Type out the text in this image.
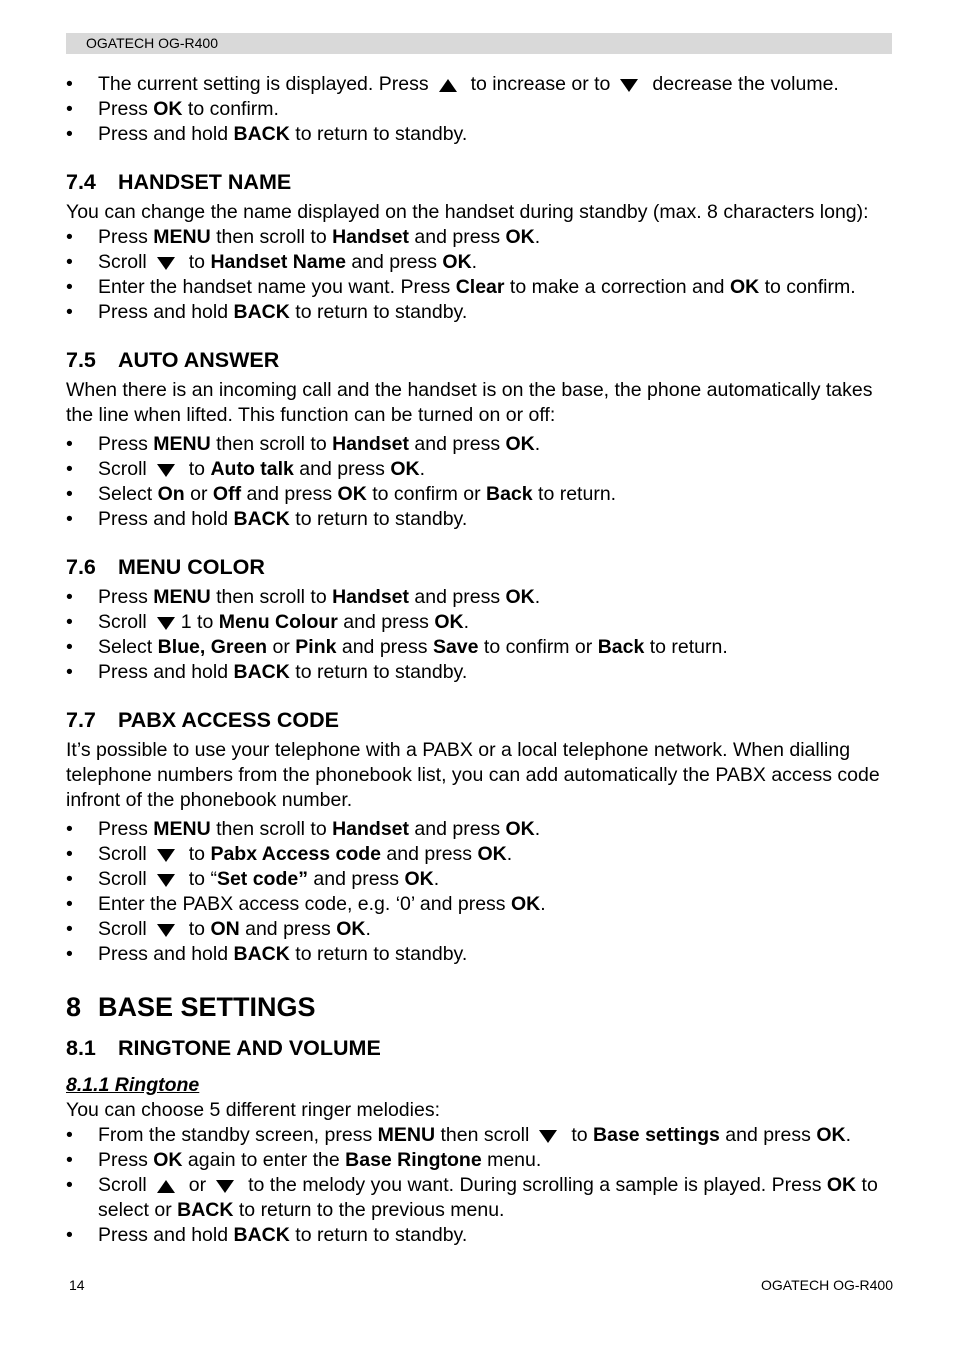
OGATECH OG-R400
• The current setting is displayed. Press to increase or to decrease the volume.
• Press OK to confirm.
• Press and hold BACK to return to standby.
7.4 HANDSET NAME
You can change the name displayed on the handset during standby (max. 8 characters long):
• Press MENU then scroll to Handset and press OK.
• Scroll to Handset Name and press OK.
• Enter the handset name you want. Press Clear to make a correction and OK to confirm.
• Press and hold BACK to return to standby.
7.5 AUTO ANSWER
When there is an incoming call and the handset is on the base, the phone automatically takes the line when lifted. This function can be turned on or off:
• Press MENU then scroll to Handset and press OK.
• Scroll to Auto talk and press OK.
• Select On or Off and press OK to confirm or Back to return.
• Press and hold BACK to return to standby.
7.6 MENU COLOR
• Press MENU then scroll to Handset and press OK.
• Scroll 1 to Menu Colour and press OK.
• Select Blue, Green or Pink and press Save to confirm or Back to return.
• Press and hold BACK to return to standby.
7.7 PABX ACCESS CODE
It’s possible to use your telephone with a PABX or a local telephone network. When dialling telephone numbers from the phonebook list, you can add automatically the PABX access code infront of the phonebook number.
• Press MENU then scroll to Handset and press OK.
• Scroll to Pabx Access code and press OK.
• Scroll to “Set code” and press OK.
• Enter the PABX access code, e.g. ‘0’ and press OK.
• Scroll to ON and press OK.
• Press and hold BACK to return to standby.
8 BASE SETTINGS
8.1 RINGTONE AND VOLUME
8.1.1 Ringtone
You can choose 5 different ringer melodies:
• From the standby screen, press MENU then scroll to Base settings and press OK.
• Press OK again to enter the Base Ringtone menu.
• Scroll or to the melody you want. During scrolling a sample is played. Press OK to select or BACK to return to the previous menu.
• Press and hold BACK to return to standby.
14	OGATECH OG-R400
